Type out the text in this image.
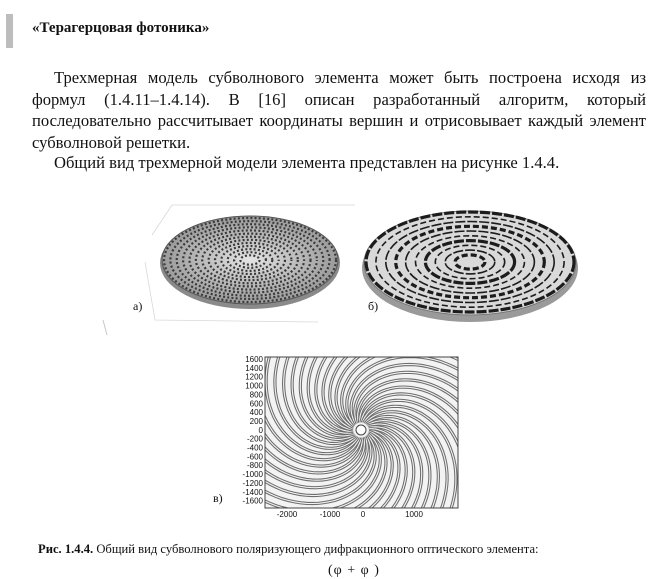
«Терагерцовая фотоника»
Трехмерная модель субволнового элемента может быть построена исходя из формул (1.4.11–1.4.14). В [16] описан разработанный алгоритм, который последовательно рассчитывает координаты вершин и отрисовывает каждый элемент субволновой решетки.
Общий вид трехмерной модели элемента представлен на рисунке 1.4.4.
1600
1400
1200
1000
800
600
400
200
0
-200
-400
-600
-800
-1000
-1200
-1400
-1600
-2000	-1000	0	1000
а)	б)
в)
Рис. 1.4.4. Общий вид субволнового поляризующего дифракционного оптического элемента:
(φ + φ )
